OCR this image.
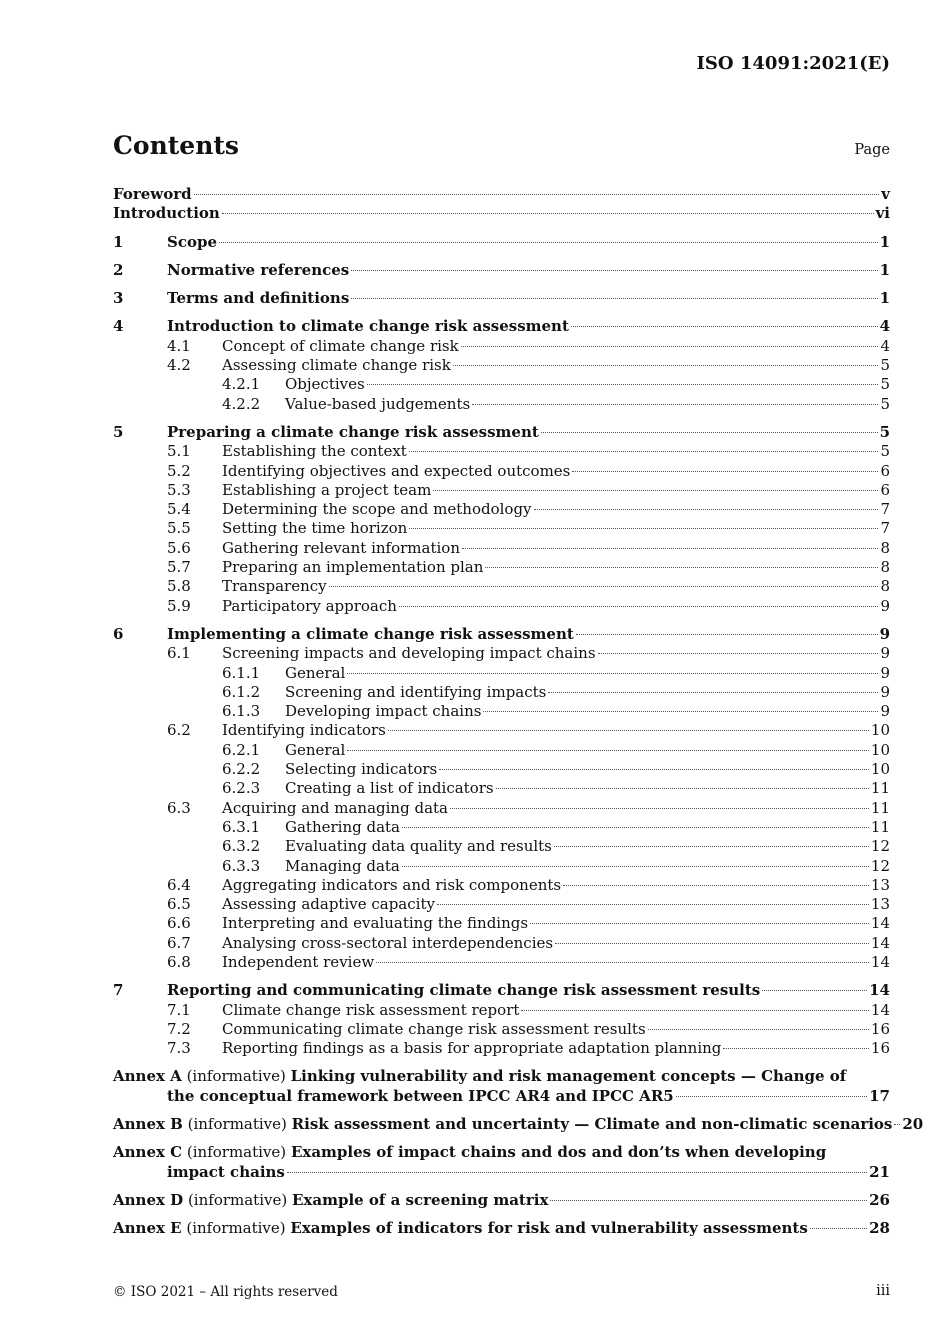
ISO 14091:2021(E)
Contents	Page
Foreword	v
Introduction	vi
1	Scope	1
2	Normative references	1
3	Terms and definitions	1
4	Introduction to climate change risk assessment	4
4.1 Concept of climate change risk	4
4.2 Assessing climate change risk	5
4.2.1 Objectives	5
4.2.2 Value-based judgements	5
5	Preparing a climate change risk assessment	5
5.1 Establishing the context	5
5.2 Identifying objectives and expected outcomes	6
5.3 Establishing a project team	6
5.4 Determining the scope and methodology	7
5.5 Setting the time horizon	7
5.6 Gathering relevant information	8
5.7 Preparing an implementation plan	8
5.8 Transparency	8
5.9 Participatory approach	9
6	Implementing a climate change risk assessment	9
6.1 Screening impacts and developing impact chains	9
6.1.1 General	9
6.1.2 Screening and identifying impacts	9
6.1.3 Developing impact chains	9
6.2 Identifying indicators	10
6.2.1 General	10
6.2.2 Selecting indicators	10
6.2.3 Creating a list of indicators	11
6.3 Acquiring and managing data	11
6.3.1 Gathering data	11
6.3.2 Evaluating data quality and results	12
6.3.3 Managing data	12
6.4 Aggregating indicators and risk components	13
6.5 Assessing adaptive capacity	13
6.6 Interpreting and evaluating the findings	14
6.7 Analysing cross-sectoral interdependencies	14
6.8 Independent review	14
7	Reporting and communicating climate change risk assessment results	14
7.1 Climate change risk assessment report	14
7.2 Communicating climate change risk assessment results	16
7.3 Reporting findings as a basis for appropriate adaptation planning	16
Annex A (informative) Linking vulnerability and risk management concepts — Change of
the conceptual framework between IPCC AR4 and IPCC AR5	17
Annex B (informative) Risk assessment and uncertainty — Climate and non-climatic scenarios 20
Annex C (informative) Examples of impact chains and dos and don’ts when developing
impact chains	21
Annex D (informative) Example of a screening matrix	26
Annex E (informative) Examples of indicators for risk and vulnerability assessments	28
© ISO 2021 – All rights reserved	iii
